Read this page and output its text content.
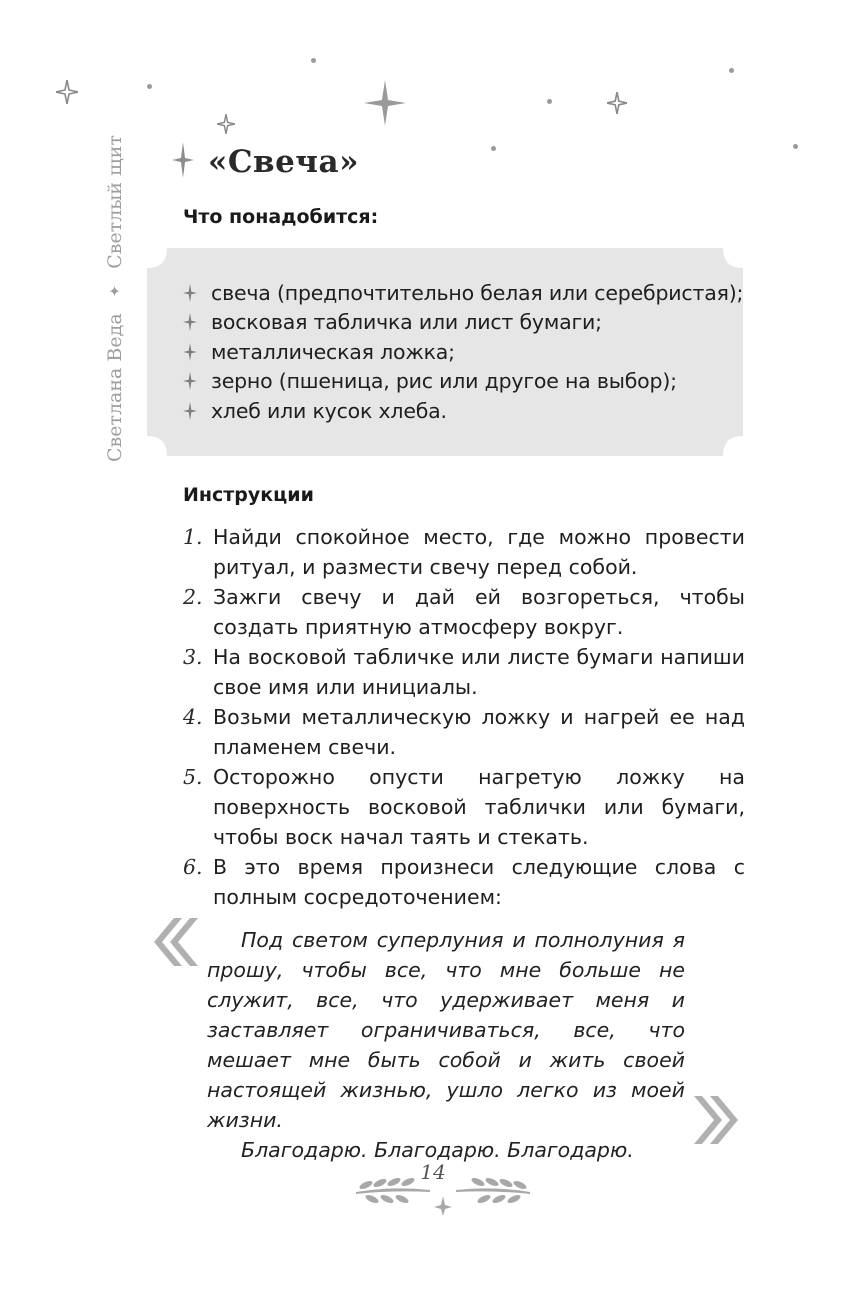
Светлана Веда
✦
Светлый щит	«Свеча»
Что понадобится:
свеча (предпочтительно белая или серебристая);
восковая табличка или лист бумаги;
металлическая ложка;
зерно (пшеница, рис или другое на выбор);
хлеб или кусок хлеба.
Инструкции
1. Найди спокойное место, где можно провести ритуал, и размести свечу перед собой.
2. Зажги свечу и дай ей возгореться, чтобы создать приятную атмосферу вокруг.
3. На восковой табличке или листе бумаги напиши свое имя или инициалы.
4. Возьми металлическую ложку и нагрей ее над пламенем свечи.
5. Осторожно опусти нагретую ложку на поверхность восковой таблички или бумаги, чтобы воск начал таять и стекать.
6. В это время произнеси следующие слова с полным сосредоточением:

Под светом суперлуния и полнолуния я прошу, чтобы все, что мне больше не служит, все, что удерживает меня и заставляет ограничиваться, все, что мешает мне быть собой и жить своей настоящей жизнью, ушло легко из моей жизни.

Благодарю. Благодарю. Благодарю.

14
